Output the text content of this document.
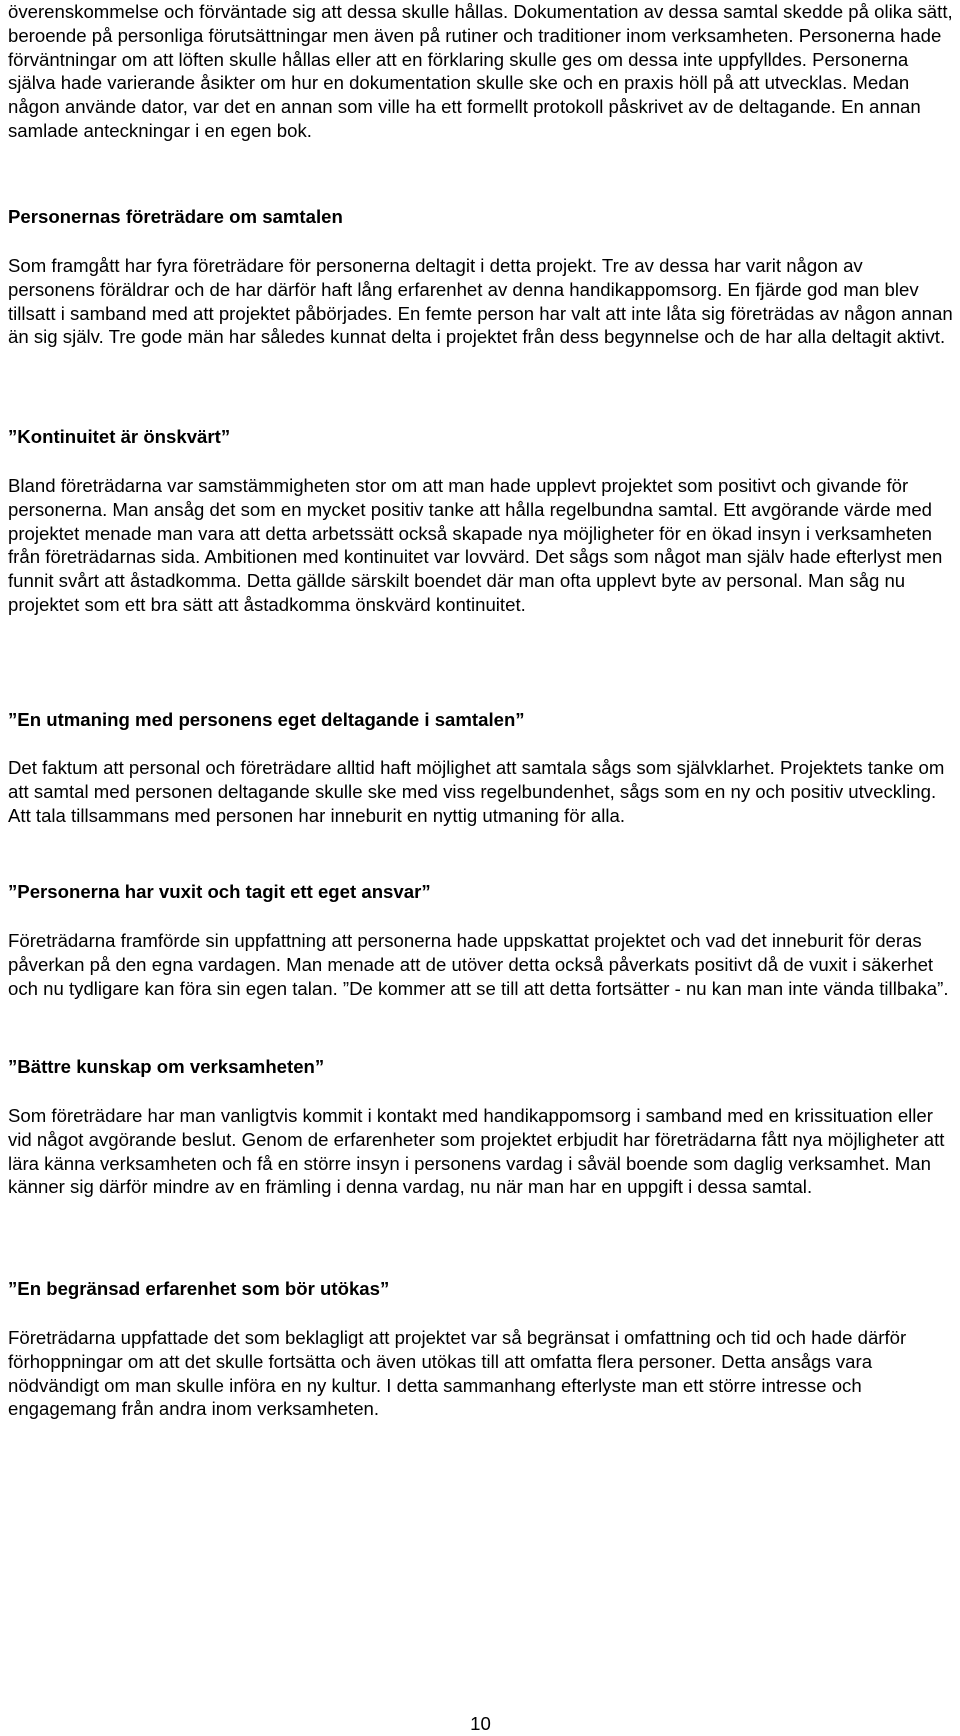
överenskommelse och förväntade sig att dessa skulle hållas. Dokumentation av dessa samtal skedde på olika sätt, beroende på personliga förutsättningar men även på rutiner och traditioner inom verksamheten. Personerna hade förväntningar om att löften skulle hållas eller att en förklaring skulle ges om dessa inte uppfylldes. Personerna själva hade varierande åsikter om hur en dokumentation skulle ske och en praxis höll på att utvecklas. Medan någon använde dator, var det en annan som ville ha ett formellt protokoll påskrivet av de deltagande. En annan samlade anteckningar i en egen bok.

Personernas företrädare om samtalen

Som framgått har fyra företrädare för personerna deltagit i detta projekt. Tre av dessa har varit någon av personens föräldrar och de har därför haft lång erfarenhet av denna handikappomsorg. En fjärde god man blev tillsatt i samband med att projektet påbörjades. En femte person har valt att inte låta sig företrädas av någon annan än sig själv. Tre gode män har således kunnat delta i projektet från dess begynnelse och de har alla deltagit aktivt.

”Kontinuitet är önskvärt”

Bland företrädarna var samstämmigheten stor om att man hade upplevt projektet som positivt och givande för personerna. Man ansåg det som en mycket positiv tanke att hålla regelbundna samtal. Ett avgörande värde med projektet menade man vara att detta arbetssätt också skapade nya möjligheter för en ökad insyn i verksamheten från företrädarnas sida. Ambitionen med kontinuitet var lovvärd. Det sågs som något man själv hade efterlyst men funnit svårt att åstadkomma. Detta gällde särskilt boendet där man ofta upplevt byte av personal. Man såg nu projektet som ett bra sätt att åstadkomma önskvärd kontinuitet.

”En utmaning med personens eget deltagande i samtalen”

Det faktum att personal och företrädare alltid haft möjlighet att samtala sågs som självklarhet. Projektets tanke om att samtal med personen deltagande skulle ske med viss regelbundenhet, sågs som en ny och positiv utveckling. Att tala tillsammans med personen har inneburit en nyttig utmaning för alla.

”Personerna har vuxit och tagit ett eget ansvar”

Företrädarna framförde sin uppfattning att personerna hade uppskattat projektet och vad det inneburit för deras påverkan på den egna vardagen. Man menade att de utöver detta också påverkats positivt då de vuxit i säkerhet och nu tydligare kan föra sin egen talan. ”De kommer att se till att detta fortsätter - nu kan man inte vända tillbaka”.

”Bättre kunskap om verksamheten”

Som företrädare har man vanligtvis kommit i kontakt med handikappomsorg i samband med en krissituation eller vid något avgörande beslut. Genom de erfarenheter som projektet erbjudit har företrädarna fått nya möjligheter att lära känna verksamheten och få en större insyn i personens vardag i såväl boende som daglig verksamhet. Man känner sig därför mindre av en främling i denna vardag, nu när man har en uppgift i dessa samtal.

”En begränsad erfarenhet som bör utökas”

Företrädarna uppfattade det som beklagligt att projektet var så begränsat i omfattning och tid och hade därför förhoppningar om att det skulle fortsätta och även utökas till att omfatta flera personer. Detta ansågs vara nödvändigt om man skulle införa en ny kultur. I detta sammanhang efterlyste man ett större intresse och engagemang från andra inom verksamheten.

10
